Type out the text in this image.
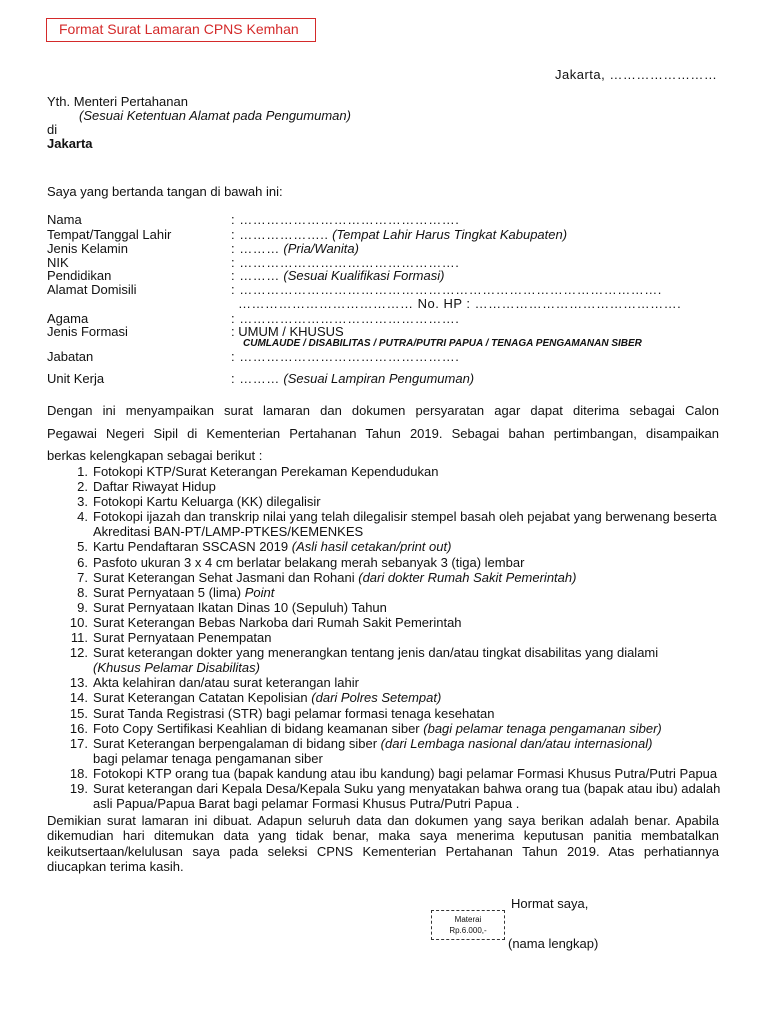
Format Surat Lamaran CPNS Kemhan

Jakarta, ……………………

Yth. Menteri Pertahanan

(Sesuai Ketentuan Alamat pada Pengumuman)

di

Jakarta

Saya yang bertanda tangan di bawah ini:

Nama	: ………………………………………….

Tempat/Tanggal Lahir	: ……………….. (Tempat Lahir Harus Tingkat Kabupaten)

Jenis Kelamin	: ……… (Pria/Wanita)

NIK	: ………………………………………….

Pendidikan	: ……… (Sesuai Kualifikasi Formasi)

Alamat Domisili	: ………………………………………………………………………………….

………………………………… No. HP : ……………………………………….

Agama	: ………………………………………….

Jenis Formasi	: UMUM / KHUSUS

CUMLAUDE / DISABILITAS / PUTRA/PUTRI PAPUA / TENAGA PENGAMANAN SIBER

Jabatan	: ………………………………………….

Unit Kerja	: ……… (Sesuai Lampiran Pengumuman)

Dengan ini menyampaikan surat lamaran dan dokumen persyaratan agar dapat diterima sebagai Calon

Pegawai Negeri Sipil di Kementerian Pertahanan Tahun 2019. Sebagai bahan pertimbangan, disampaikan

berkas kelengkapan sebagai berikut :

1. Fotokopi KTP/Surat Keterangan Perekaman Kependudukan
2. Daftar Riwayat Hidup
3. Fotokopi Kartu Keluarga (KK) dilegalisir
4. Fotokopi ijazah dan transkrip nilai yang telah dilegalisir stempel basah oleh pejabat yang berwenang beserta Akreditasi BAN-PT/LAMP-PTKES/KEMENKES
5. Kartu Pendaftaran SSCASN 2019 (Asli hasil cetakan/print out)
6. Pasfoto ukuran 3 x 4 cm berlatar belakang merah sebanyak 3 (tiga) lembar
7. Surat Keterangan Sehat Jasmani dan Rohani (dari dokter Rumah Sakit Pemerintah)
8. Surat Pernyataan 5 (lima) Point
9. Surat Pernyataan Ikatan Dinas 10 (Sepuluh) Tahun
10. Surat Keterangan Bebas Narkoba dari Rumah Sakit Pemerintah
11. Surat Pernyataan Penempatan
12. Surat keterangan dokter yang menerangkan tentang jenis dan/atau tingkat disabilitas yang dialami
(Khusus Pelamar Disabilitas)
13. Akta kelahiran dan/atau surat keterangan lahir
14. Surat Keterangan Catatan Kepolisian (dari Polres Setempat)
15. Surat Tanda Registrasi (STR) bagi pelamar formasi tenaga kesehatan
16. Foto Copy Sertifikasi Keahlian di bidang keamanan siber (bagi pelamar tenaga pengamanan siber)
17. Surat Keterangan berpengalaman di bidang siber (dari Lembaga nasional dan/atau internasional)
bagi pelamar tenaga pengamanan siber
18. Fotokopi KTP orang tua (bapak kandung atau ibu kandung) bagi pelamar Formasi Khusus Putra/Putri Papua
19. Surat keterangan dari Kepala Desa/Kepala Suku yang menyatakan bahwa orang tua (bapak atau ibu) adalah asli Papua/Papua Barat bagi pelamar Formasi Khusus Putra/Putri Papua .

Demikian surat lamaran ini dibuat. Adapun seluruh data dan dokumen yang saya berikan adalah benar. Apabila dikemudian hari ditemukan data yang tidak benar, maka saya menerima keputusan panitia membatalkan keikutsertaan/kelulusan saya pada seleksi CPNS Kementerian Pertahanan Tahun 2019. Atas perhatiannya diucapkan terima kasih.

Hormat saya,

Materai
Rp.6.000,-

(nama lengkap)
